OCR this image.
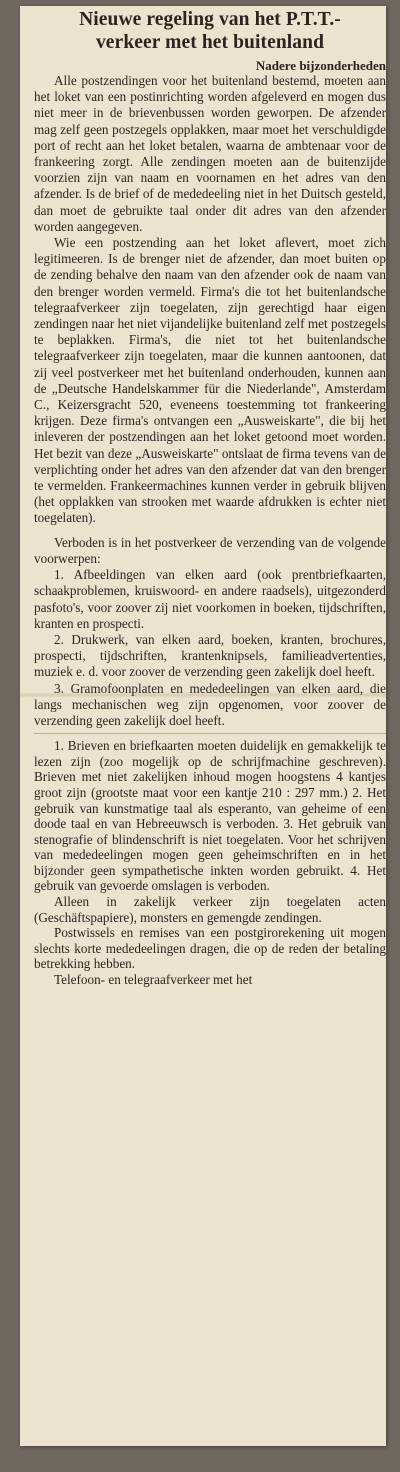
Nieuwe regeling van het P.T.T.-
verkeer met het buitenland
Nadere bijzonderheden

Alle postzendingen voor het buitenland bestemd, moeten aan het loket van een postinrichting worden afgeleverd en mogen dus niet meer in de brievenbussen worden geworpen. De afzender mag zelf geen postzegels opplakken, maar moet het verschuldigde port of recht aan het loket betalen, waarna de ambtenaar voor de frankeering zorgt. Alle zendingen moeten aan de buitenzijde voorzien zijn van naam en voornamen en het adres van den afzender. Is de brief of de mededeeling niet in het Duitsch gesteld, dan moet de gebruikte taal onder dit adres van den afzender worden aangegeven.

Wie een postzending aan het loket aflevert, moet zich legitimeeren. Is de brenger niet de afzender, dan moet buiten op de zending behalve den naam van den afzender ook de naam van den brenger worden vermeld. Firma's die tot het buitenlandsche telegraafverkeer zijn toegelaten, zijn gerechtigd haar eigen zendingen naar het niet vijandelijke buitenland zelf met postzegels te beplakken. Firma's, die niet tot het buitenlandsche telegraafverkeer zijn toegelaten, maar die kunnen aantoonen, dat zij veel postverkeer met het buitenland onderhouden, kunnen aan de „Deutsche Handelskammer für die Niederlande", Amsterdam C., Keizersgracht 520, eveneens toestemming tot frankeering krijgen. Deze firma's ontvangen een „Ausweiskarte", die bij het inleveren der postzendingen aan het loket getoond moet worden. Het bezit van deze „Ausweiskarte" ontslaat de firma tevens van de verplichting onder het adres van den afzender dat van den brenger te vermelden. Frankeermachines kunnen verder in gebruik blijven (het opplakken van strooken met waarde afdrukken is echter niet toegelaten).

Verboden is in het postverkeer de verzending van de volgende voorwerpen:

1. Afbeeldingen van elken aard (ook prentbriefkaarten, schaakproblemen, kruiswoord- en andere raadsels), uitgezonderd pasfoto's, voor zoover zij niet voorkomen in boeken, tijdschriften, kranten en prospecti.

2. Drukwerk, van elken aard, boeken, kranten, brochures, prospecti, tijdschriften, krantenknipsels, familieadvertenties, muziek e. d. voor zoover de verzending geen zakelijk doel heeft.

3. Gramofoonplaten en mededeelingen van elken aard, die langs mechanischen weg zijn opgenomen, voor zoover de verzending geen zakelijk doel heeft.

1. Brieven en briefkaarten moeten duidelijk en gemakkelijk te lezen zijn (zoo mogelijk op de schrijfmachine geschreven). Brieven met niet zakelijken inhoud mogen hoogstens 4 kantjes groot zijn (grootste maat voor een kantje 210 : 297 mm.) 2. Het gebruik van kunstmatige taal als esperanto, van geheime of een doode taal en van Hebreeuwsch is verboden. 3. Het gebruik van stenografie of blindenschrift is niet toegelaten. Voor het schrijven van mededeelingen mogen geen geheimschriften en in het bijzonder geen sympathetische inkten worden gebruikt. 4. Het gebruik van gevoerde omslagen is verboden.

Alleen in zakelijk verkeer zijn toegelaten acten (Geschäftspapiere), monsters en gemengde zendingen.

Postwissels en remises van een postgirorekening uit mogen slechts korte mededeelingen dragen, die op de reden der betaling betrekking hebben.

Telefoon- en telegraafverkeer met het
